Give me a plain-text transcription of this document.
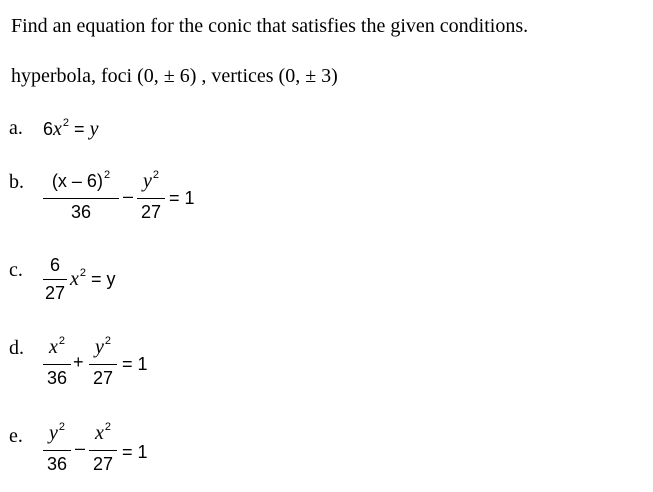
Find an equation for the conic that satisfies the given conditions.
hyperbola, foci (0, ± 6) , vertices (0, ± 3)
a. $6x^2 = y$
b.	(x – 6)$^2$
36
–
$y^2$
27
= 1
c.	6
27
$x^2 = y$
d. $x^2$
36
+
$y^2$
27
= 1
e. $y^2$
36
–
$x^2$
27
= 1
